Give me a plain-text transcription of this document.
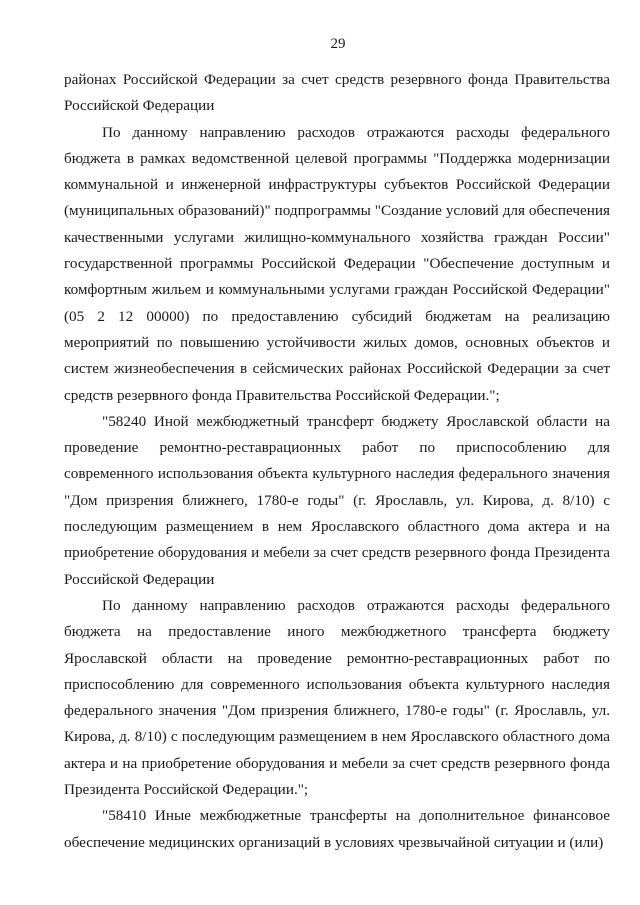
29

районах Российской Федерации за счет средств резервного фонда Правительства Российской Федерации

По данному направлению расходов отражаются расходы федерального бюджета в рамках ведомственной целевой программы "Поддержка модернизации коммунальной и инженерной инфраструктуры субъектов Российской Федерации (муниципальных образований)" подпрограммы "Создание условий для обеспечения качественными услугами жилищно-коммунального хозяйства граждан России" государственной программы Российской Федерации "Обеспечение доступным и комфортным жильем и коммунальными услугами граждан Российской Федерации" (05 2 12 00000) по предоставлению субсидий бюджетам на реализацию мероприятий по повышению устойчивости жилых домов, основных объектов и систем жизнеобеспечения в сейсмических районах Российской Федерации за счет средств резервного фонда Правительства Российской Федерации.";

"58240 Иной межбюджетный трансферт бюджету Ярославской области на проведение ремонтно-реставрационных работ по приспособлению для современного использования объекта культурного наследия федерального значения "Дом призрения ближнего, 1780-е годы" (г. Ярославль, ул. Кирова, д. 8/10) с последующим размещением в нем Ярославского областного дома актера и на приобретение оборудования и мебели за счет средств резервного фонда Президента Российской Федерации

По данному направлению расходов отражаются расходы федерального бюджета на предоставление иного межбюджетного трансферта бюджету Ярославской области на проведение ремонтно-реставрационных работ по приспособлению для современного использования объекта культурного наследия федерального значения "Дом призрения ближнего, 1780-е годы" (г. Ярославль, ул. Кирова, д. 8/10) с последующим размещением в нем Ярославского областного дома актера и на приобретение оборудования и мебели за счет средств резервного фонда Президента Российской Федерации.";

"58410 Иные межбюджетные трансферты на дополнительное финансовое обеспечение медицинских организаций в условиях чрезвычайной ситуации и (или)
